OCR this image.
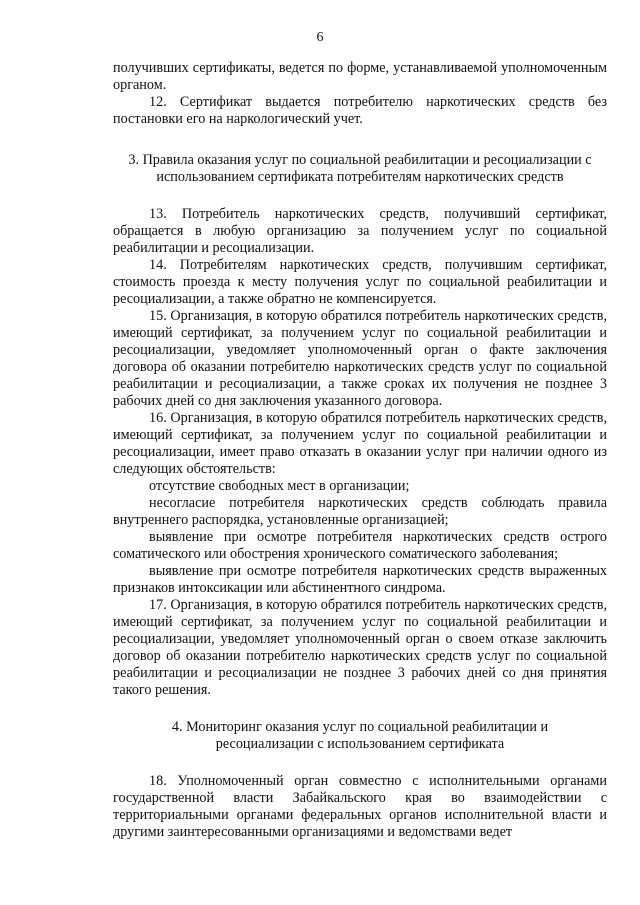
6

получивших сертификаты, ведется по форме, устанавливаемой уполномоченным органом.

12. Сертификат выдается потребителю наркотических средств без постановки его на наркологический учет.

3. Правила оказания услуг по социальной реабилитации и ресоциализации с использованием сертификата потребителям наркотических средств

13. Потребитель наркотических средств, получивший сертификат, обращается в любую организацию за получением услуг по социальной реабилитации и ресоциализации.

14. Потребителям наркотических средств, получившим сертификат, стоимость проезда к месту получения услуг по социальной реабилитации и ресоциализации, а также обратно не компенсируется.

15. Организация, в которую обратился потребитель наркотических средств, имеющий сертификат, за получением услуг по социальной реабилитации и ресоциализации, уведомляет уполномоченный орган о факте заключения договора об оказании потребителю наркотических средств услуг по социальной реабилитации и ресоциализации, а также сроках их получения не позднее 3 рабочих дней со дня заключения указанного договора.

16. Организация, в которую обратился потребитель наркотических средств, имеющий сертификат, за получением услуг по социальной реабилитации и ресоциализации, имеет право отказать в оказании услуг при наличии одного из следующих обстоятельств:

отсутствие свободных мест в организации;

несогласие потребителя наркотических средств соблюдать правила внутреннего распорядка, установленные организацией;

выявление при осмотре потребителя наркотических средств острого соматического или обострения хронического соматического заболевания;

выявление при осмотре потребителя наркотических средств выраженных признаков интоксикации или абстинентного синдрома.

17. Организация, в которую обратился потребитель наркотических средств, имеющий сертификат, за получением услуг по социальной реабилитации и ресоциализации, уведомляет уполномоченный орган о своем отказе заключить договор об оказании потребителю наркотических средств услуг по социальной реабилитации и ресоциализации не позднее 3 рабочих дней со дня принятия такого решения.

4. Мониторинг оказания услуг по социальной реабилитации и ресоциализации с использованием сертификата

18. Уполномоченный орган совместно с исполнительными органами государственной власти Забайкальского края во взаимодействии с территориальными органами федеральных органов исполнительной власти и другими заинтересованными организациями и ведомствами ведет
